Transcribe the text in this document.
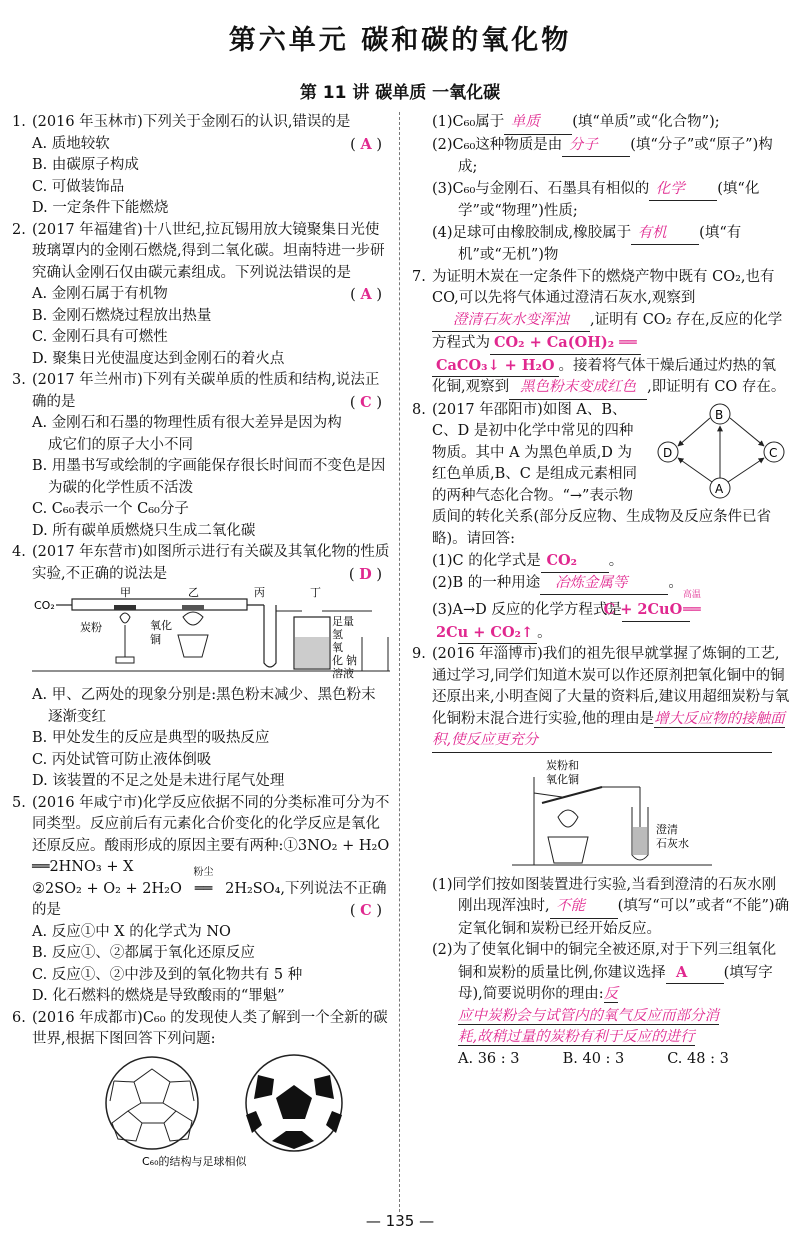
第六单元 碳和碳的氧化物
第 11 讲 碳单质 一氧化碳
1. (2016 年玉林市)下列关于金刚石的认识,错误的是

( A )
A. 质地较软
B. 由碳原子构成
C. 可做装饰品
D. 一定条件下能燃烧
2. (2017 年福建省)十八世纪,拉瓦锡用放大镜聚集日光使玻璃罩内的金刚石燃烧,得到二氧化碳。坦南特进一步研究确认金刚石仅由碳元素组成。下列说法错误的是
( A )
A. 金刚石属于有机物
B. 金刚石燃烧过程放出热量
C. 金刚石具有可燃性
D. 聚集日光使温度达到金刚石的着火点
3. (2017 年兰州市)下列有关碳单质的性质和结构,说法正确的是	( C )
A. 金刚石和石墨的物理性质有很大差异是因为构成它们的原子大小不同
B. 用墨书写或绘制的字画能保存很长时间而不变色是因为碳的化学性质不活泼
C. C₆₀表示一个 C₆₀分子
D. 所有碳单质燃烧只生成二氧化碳
4. (2017 年东营市)如图所示进行有关碳及其氧化物的性质实验,不正确的说法是	( D )
CO₂
甲	乙
炭粉	氧化
铜
丙	丁
足量
氢
氧
化 钠
溶液
A. 甲、乙两处的现象分别是:黑色粉末减少、黑色粉末逐渐变红
B. 甲处发生的反应是典型的吸热反应
C. 丙处试管可防止液体倒吸
D. 该装置的不足之处是未进行尾气处理
5. (2016 年咸宁市)化学反应依据不同的分类标准可分为不同类型。反应前后有元素化合价变化的化学反应是氧化还原反应。酸雨形成的原因主要有两种:①3NO₂ + H₂O ══2HNO₃ + X
②2SO₂ + O₂ + 2H₂O
粉尘
══ 2H₂SO₄,下列说法不正确的是	( C )
A. 反应①中 X 的化学式为 NO
B. 反应①、②都属于氧化还原反应
C. 反应①、②中涉及到的氧化物共有 5 种
D. 化石燃料的燃烧是导致酸雨的“罪魁”
6. (2016 年成都市)C₆₀ 的发现使人类了解到一个全新的碳世界,根据下图回答下列问题:
C₆₀的结构与足球相似
(1)C₆₀属于 单质 (填“单质”或“化合物”);
(2)C₆₀这种物质是由 分子 (填“分子”或“原子”)构成;
(3)C₆₀与金刚石、石墨具有相似的 化学 (填“化学”或“物理”)性质;
(4)足球可由橡胶制成,橡胶属于 有机 (填“有机”或“无机”)物
7. 为证明木炭在一定条件下的燃烧产物中既有 CO₂,也有 CO,可以先将气体通过澄清石灰水,观察到澄清石灰水变浑浊 ,证明有 CO₂ 存在,反应的化学方程式为 CO₂ + Ca(OH)₂ ══
CaCO₃↓ + H₂O 。接着将气体干燥后通过灼热的氧化铜,观察到 黑色粉末变成红色 ,即证明有 CO 存在。
8.	B
D	C
A
(2017 年邵阳市)如图 A、B、C、D 是初中化学中常见的四种物质。其中 A 为黑色单质,D 为红色单质,B、C 是组成元素相同的两种气态化合物。“→”表示物质间的转化关系(部分反应物、生成物及反应条件已省略)。请回答:
(1)C 的化学式是 CO₂ 。
(2)B 的一种用途 冶炼金属等	。
(3)A→D 反应的化学方程式是C + 2CuO
高温
══
2Cu + CO₂↑ 。
9. (2016 年淄博市)我们的祖先很早就掌握了炼铜的工艺,通过学习,同学们知道木炭可以作还原剂把氧化铜中的铜还原出来,小明查阅了大量的资料后,建议用超细炭粉与氧化铜粉末混合进行实验,他的理由是增大反应物的接触面
积,使反应更充分
炭粉和
氧化铜
澄清
石灰水
(1)同学们按如图装置进行实验,当看到澄清的石灰水刚刚出现浑浊时, 不能 (填写“可以”或者“不能”)确定氧化铜和炭粉已经开始反应。
(2)为了使氧化铜中的铜完全被还原,对于下列三组氧化铜和炭粉的质量比例,你建议选择 A	(填写字母),简要说明你的理由:反
应中炭粉会与试管内的氧气反应而部分消
耗,故稍过量的炭粉有利于反应的进行
A. 36 : 3	B. 40 : 3	C. 48 : 3
— 135 —
